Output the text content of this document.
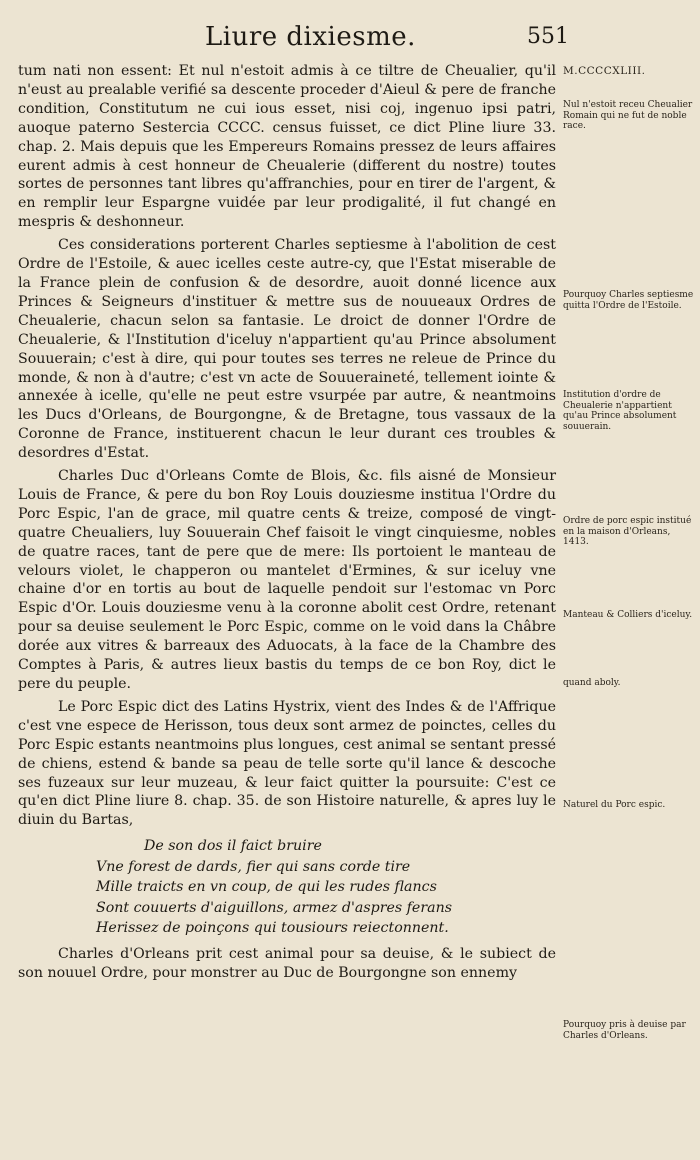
Liure dixiesme.	551

tum nati non essent: Et nul n'estoit admis à ce tiltre de Cheualier, qu'il n'eust au prealable verifié sa descente proceder d'Aieul & pere de franche condition, Constitutum ne cui ious esset, nisi coj, ingenuo ipsi patri, auoque paterno Sestercia CCCC. census fuisset, ce dict Pline liure 33. chap. 2. Mais depuis que les Empereurs Romains pressez de leurs affaires eurent admis à cest honneur de Cheualerie (different du nostre) toutes sortes de personnes tant libres qu'affranchies, pour en tirer de l'argent, & en remplir leur Espargne vuidée par leur prodigalité, il fut changé en mespris & deshonneur.

Ces considerations porterent Charles septiesme à l'abolition de cest Ordre de l'Estoile, & auec icelles ceste autre-cy, que l'Estat miserable de la France plein de confusion & de desordre, auoit donné licence aux Princes & Seigneurs d'instituer & mettre sus de nouueaux Ordres de Cheualerie, chacun selon sa fantasie. Le droict de donner l'Ordre de Cheualerie, & l'Institution d'iceluy n'appartient qu'au Prince absolument Souuerain; c'est à dire, qui pour toutes ses terres ne releue de Prince du monde, & non à d'autre; c'est vn acte de Souueraineté, tellement iointe & annexée à icelle, qu'elle ne peut estre vsurpée par autre, & neantmoins les Ducs d'Orleans, de Bourgongne, & de Bretagne, tous vassaux de la Coronne de France, instituerent chacun le leur durant ces troubles & desordres d'Estat.

Charles Duc d'Orleans Comte de Blois, &c. fils aisné de Monsieur Louis de France, & pere du bon Roy Louis douziesme institua l'Ordre du Porc Espic, l'an de grace, mil quatre cents & treize, composé de vingt-quatre Cheualiers, luy Souuerain Chef faisoit le vingt cinquiesme, nobles de quatre races, tant de pere que de mere: Ils portoient le manteau de velours violet, le chapperon ou mantelet d'Ermines, & sur iceluy vne chaine d'or en tortis au bout de laquelle pendoit sur l'estomac vn Porc Espic d'Or. Louis douziesme venu à la coronne abolit cest Ordre, retenant pour sa deuise seulement le Porc Espic, comme on le void dans la Châbre dorée aux vitres & barreaux des Aduocats, à la face de la Chambre des Comptes à Paris, & autres lieux bastis du temps de ce bon Roy, dict le pere du peuple.

Le Porc Espic dict des Latins Hystrix, vient des Indes & de l'Affrique c'est vne espece de Herisson, tous deux sont armez de poinctes, celles du Porc Espic estants neantmoins plus longues, cest animal se sentant pressé de chiens, estend & bande sa peau de telle sorte qu'il lance & descoche ses fuzeaux sur leur muzeau, & leur faict quitter la poursuite: C'est ce qu'en dict Pline liure 8. chap. 35. de son Histoire naturelle, & apres luy le diuin du Bartas,

De son dos il faict bruire
Vne forest de dards, fier qui sans corde tire
Mille traicts en vn coup, de qui les rudes flancs
Sont couuerts d'aiguillons, armez d'aspres ferans
Herissez de poinçons qui tousiours reiectonnent.

Charles d'Orleans prit cest animal pour sa deuise, & le subiect de son nouuel Ordre, pour monstrer au Duc de Bourgongne son ennemy

M.CCCCXLIII.
Nul n'estoit receu Cheualier Romain qui ne fut de noble race.
Pourquoy Charles septiesme quitta l'Ordre de l'Estoile.
Institution d'ordre de Cheualerie n'appartient qu'au Prince absolument souuerain.
Ordre de porc espic institué en la maison d'Orleans, 1413.
Manteau & Colliers d'iceluy.
quand aboly.
Naturel du Porc espic.
Pourquoy pris à deuise par Charles d'Orleans.
